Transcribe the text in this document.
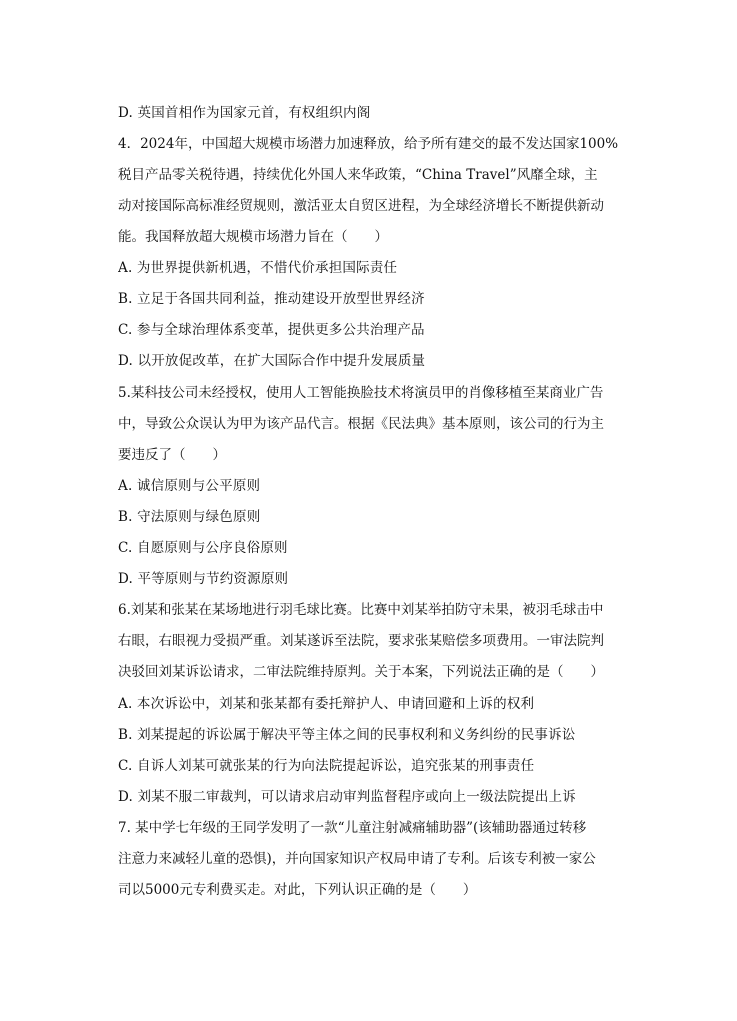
D. 英国首相作为国家元首，有权组织内阁
4．2024年，中国超大规模市场潜力加速释放，给予所有建交的最不发达国家100%
税目产品零关税待遇，持续优化外国人来华政策，“China Travel”风靡全球，主
动对接国际高标准经贸规则，激活亚太自贸区进程，为全球经济增长不断提供新动
能。我国释放超大规模市场潜力旨在（　　）
A. 为世界提供新机遇，不惜代价承担国际责任
B. 立足于各国共同利益，推动建设开放型世界经济
C. 参与全球治理体系变革，提供更多公共治理产品
D. 以开放促改革，在扩大国际合作中提升发展质量
5.某科技公司未经授权，使用人工智能换脸技术将演员甲的肖像移植至某商业广告
中，导致公众误认为甲为该产品代言。根据《民法典》基本原则，该公司的行为主
要违反了（　　）
A. 诚信原则与公平原则
B. 守法原则与绿色原则
C. 自愿原则与公序良俗原则
D. 平等原则与节约资源原则
6.刘某和张某在某场地进行羽毛球比赛。比赛中刘某举拍防守未果，被羽毛球击中
右眼，右眼视力受损严重。刘某遂诉至法院，要求张某赔偿多项费用。一审法院判
决驳回刘某诉讼请求，二审法院维持原判。关于本案，下列说法正确的是（　　）
A. 本次诉讼中，刘某和张某都有委托辩护人、申请回避和上诉的权利
B. 刘某提起的诉讼属于解决平等主体之间的民事权利和义务纠纷的民事诉讼
C. 自诉人刘某可就张某的行为向法院提起诉讼，追究张某的刑事责任
D. 刘某不服二审裁判，可以请求启动审判监督程序或向上一级法院提出上诉
7. 某中学七年级的王同学发明了一款“儿童注射减痛辅助器”(该辅助器通过转移
注意力来减轻儿童的恐惧)，并向国家知识产权局申请了专利。后该专利被一家公
司以5000元专利费买走。对此，下列认识正确的是（　　）
